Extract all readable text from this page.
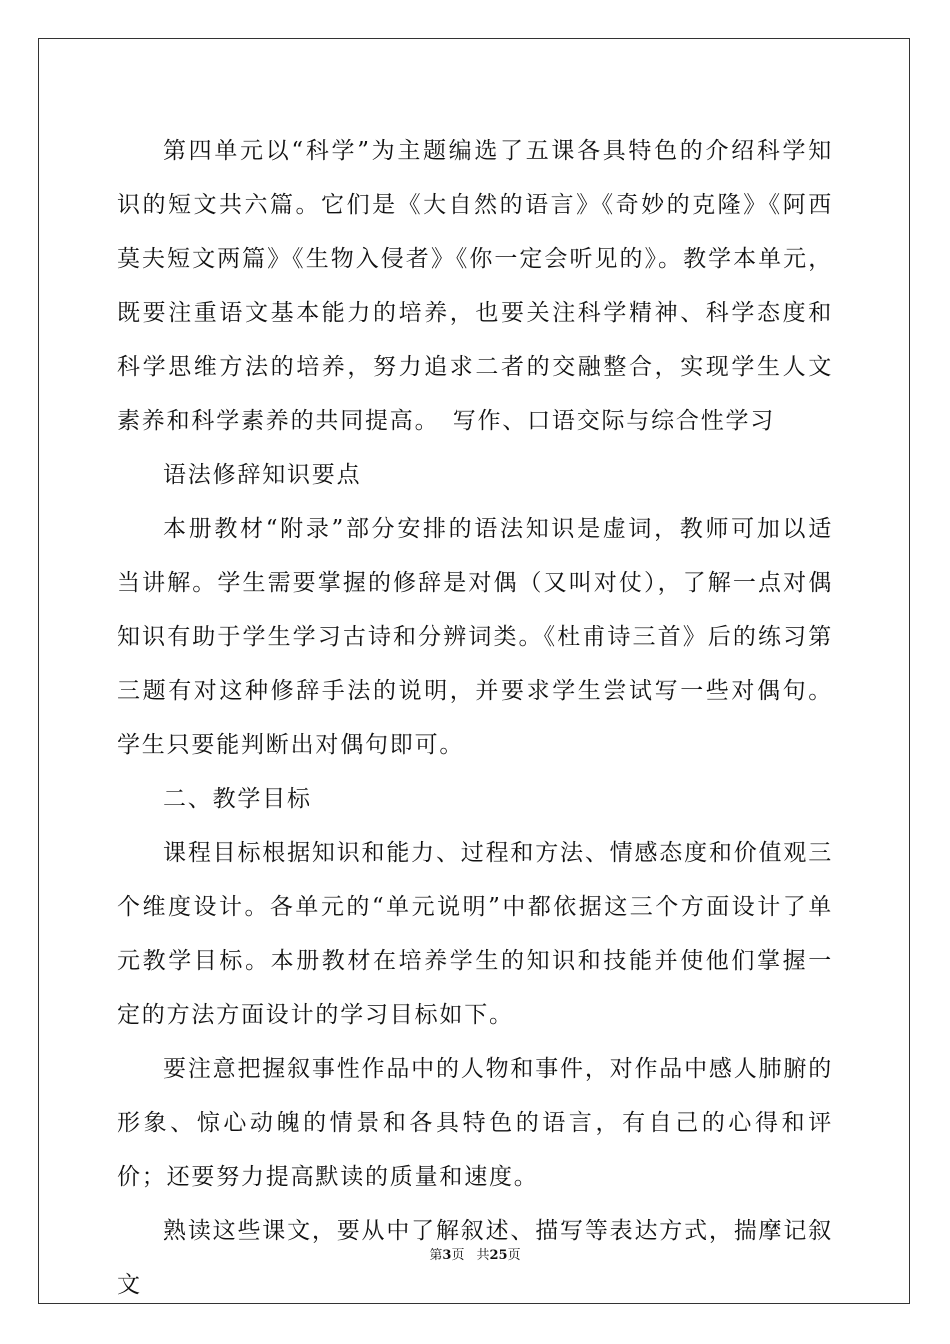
第四单元以“科学”为主题编选了五课各具特色的介绍科学知识的短文共六篇。它们是《大自然的语言》《奇妙的克隆》《阿西莫夫短文两篇》《生物入侵者》《你一定会听见的》。教学本单元，既要注重语文基本能力的培养，也要关注科学精神、科学态度和科学思维方法的培养，努力追求二者的交融整合，实现学生人文素养和科学素养的共同提高。　写作、口语交际与综合性学习

语法修辞知识要点

本册教材“附录”部分安排的语法知识是虚词，教师可加以适当讲解。学生需要掌握的修辞是对偶（又叫对仗），了解一点对偶知识有助于学生学习古诗和分辨词类。《杜甫诗三首》后的练习第三题有对这种修辞手法的说明，并要求学生尝试写一些对偶句。学生只要能判断出对偶句即可。

二、教学目标

课程目标根据知识和能力、过程和方法、情感态度和价值观三个维度设计。各单元的“单元说明”中都依据这三个方面设计了单元教学目标。本册教材在培养学生的知识和技能并使他们掌握一定的方法方面设计的学习目标如下。

要注意把握叙事性作品中的人物和事件，对作品中感人肺腑的形象、惊心动魄的情景和各具特色的语言，有自己的心得和评价；还要努力提高默读的质量和速度。

熟读这些课文，要从中了解叙述、描写等表达方式，揣摩记叙文

第3页 共25页
